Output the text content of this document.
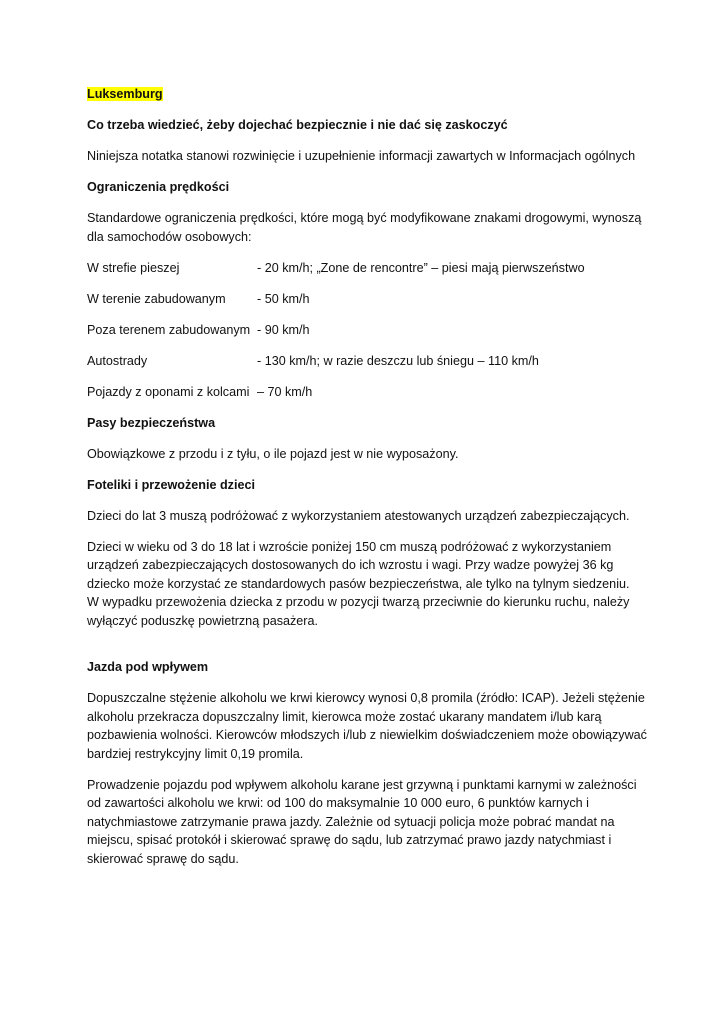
Luksemburg

Co trzeba wiedzieć, żeby dojechać bezpiecznie i nie dać się zaskoczyć

Niniejsza notatka stanowi rozwinięcie i uzupełnienie informacji zawartych w Informacjach ogólnych

Ograniczenia prędkości

Standardowe ograniczenia prędkości, które mogą być modyfikowane znakami drogowymi, wynoszą dla samochodów osobowych:

W strefie pieszej	- 20 km/h; „Zone de rencontre” – piesi mają pierwszeństwo
W terenie zabudowanym	- 50 km/h
Poza terenem zabudowanym - 90 km/h
Autostrady	- 130 km/h; w razie deszczu lub śniegu – 110 km/h
Pojazdy z oponami z kolcami – 70 km/h

Pasy bezpieczeństwa

Obowiązkowe z przodu i z tyłu, o ile pojazd jest w nie wyposażony.

Foteliki i przewożenie dzieci

Dzieci do lat 3 muszą podróżować z wykorzystaniem atestowanych urządzeń zabezpieczających.

Dzieci w wieku od 3 do 18 lat i wzroście poniżej 150 cm muszą podróżować z wykorzystaniem urządzeń zabezpieczających dostosowanych do ich wzrostu i wagi. Przy wadze powyżej 36 kg dziecko może korzystać ze standardowych pasów bezpieczeństwa, ale tylko na tylnym siedzeniu.
W wypadku przewożenia dziecka z przodu w pozycji twarzą przeciwnie do kierunku ruchu, należy wyłączyć poduszkę powietrzną pasażera.

Jazda pod wpływem

Dopuszczalne stężenie alkoholu we krwi kierowcy wynosi 0,8 promila (źródło: ICAP). Jeżeli stężenie alkoholu przekracza dopuszczalny limit, kierowca może zostać ukarany mandatem i/lub karą pozbawienia wolności. Kierowców młodszych i/lub z niewielkim doświadczeniem może obowiązywać bardziej restrykcyjny limit 0,19 promila.

Prowadzenie pojazdu pod wpływem alkoholu karane jest grzywną i punktami karnymi w zależności od zawartości alkoholu we krwi: od 100 do maksymalnie 10 000 euro, 6 punktów karnych i natychmiastowe zatrzymanie prawa jazdy. Zależnie od sytuacji policja może pobrać mandat na miejscu, spisać protokół i skierować sprawę do sądu, lub zatrzymać prawo jazdy natychmiast i skierować sprawę do sądu.
